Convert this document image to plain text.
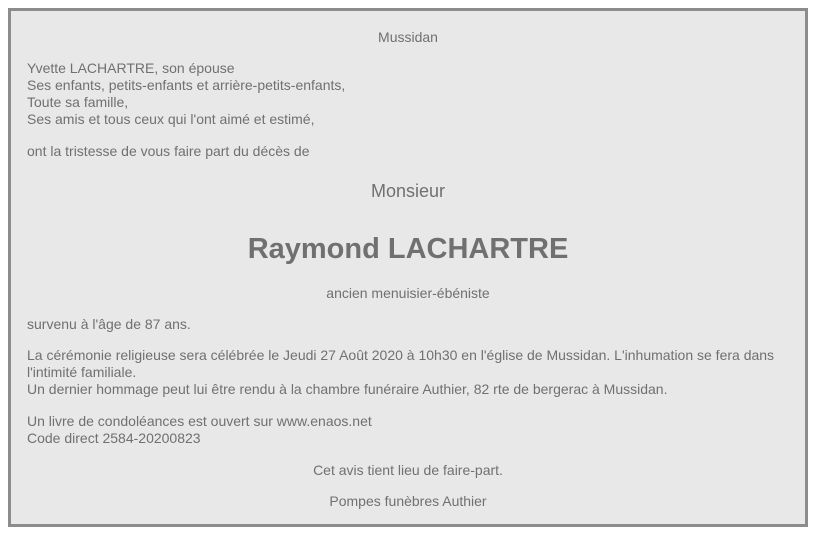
Mussidan
Yvette LACHARTRE, son épouse
Ses enfants, petits-enfants et arrière-petits-enfants,
Toute sa famille,
Ses amis et tous ceux qui l'ont aimé et estimé,
ont la tristesse de vous faire part du décès de
Monsieur
Raymond LACHARTRE
ancien menuisier-ébéniste
survenu à l'âge de 87 ans.
La cérémonie religieuse sera célébrée le Jeudi 27 Août 2020 à 10h30 en l'église de Mussidan. L'inhumation se fera dans l'intimité familiale.
Un dernier hommage peut lui être rendu à la chambre funéraire Authier, 82 rte de bergerac à Mussidan.
Un livre de condoléances est ouvert sur www.enaos.net
Code direct 2584-20200823
Cet avis tient lieu de faire-part.
Pompes funèbres Authier
